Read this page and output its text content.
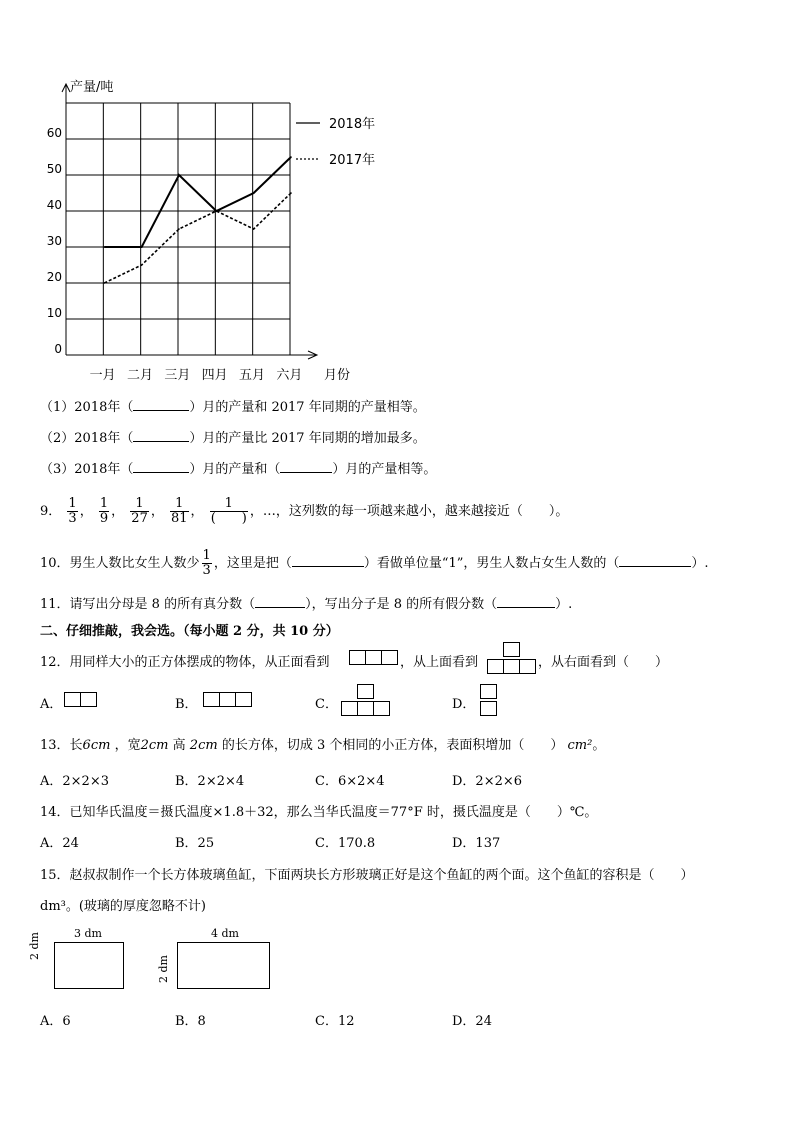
产量/吨
月份
0
10
20
30
40
50
60
一月 二月 三月 四月 五月 六月
2018年
2017年
（1）2018年（	）月的产量和 2017 年同期的产量相等。
（2）2018年（	）月的产量比 2017 年同期的增加最多。
（3）2018年（	）月的产量和（	）月的产量相等。
9． $\frac{1}{3}$ ， $\frac{1}{9}$ ， $\frac{1}{27}$ ， $\frac{1}{81}$ ， $\frac{1}{( )}$ ，…，这列数的每一项越来越小，越来越接近（　　）。
10．男生人数比女生人数少 $\frac{1}{3}$ ，这里是把（	）看做单位量“1”，男生人数占女生人数的（	）.
11．请写出分母是 8 的所有真分数（	），写出分子是 8 的所有假分数（	）.
二、仔细推敲，我会选。（每小题 2 分，共 10 分）
12．用同样大小的正方体摆成的物体，从正面看到	，从上面看到	，从右面看到（　　）
A．	B．	C．	D．
13．长6cm ，宽2cm 高 2cm 的长方体，切成 3 个相同的小正方体，表面积增加（　　） cm²。
A．2×2×3	B．2×2×4	C．6×2×4	D．2×2×6
14．已知华氏温度＝摄氏温度×1.8＋32，那么当华氏温度＝77°F 时，摄氏温度是（　　）℃。
A．24	B．25	C．170.8	D．137
15．赵叔叔制作一个长方体玻璃鱼缸，下面两块长方形玻璃正好是这个鱼缸的两个面。这个鱼缸的容积是（　　）
dm³。(玻璃的厚度忽略不计)
3 dm
2 dm	4 dm
2 dm
A．6	B．8	C．12	D．24
